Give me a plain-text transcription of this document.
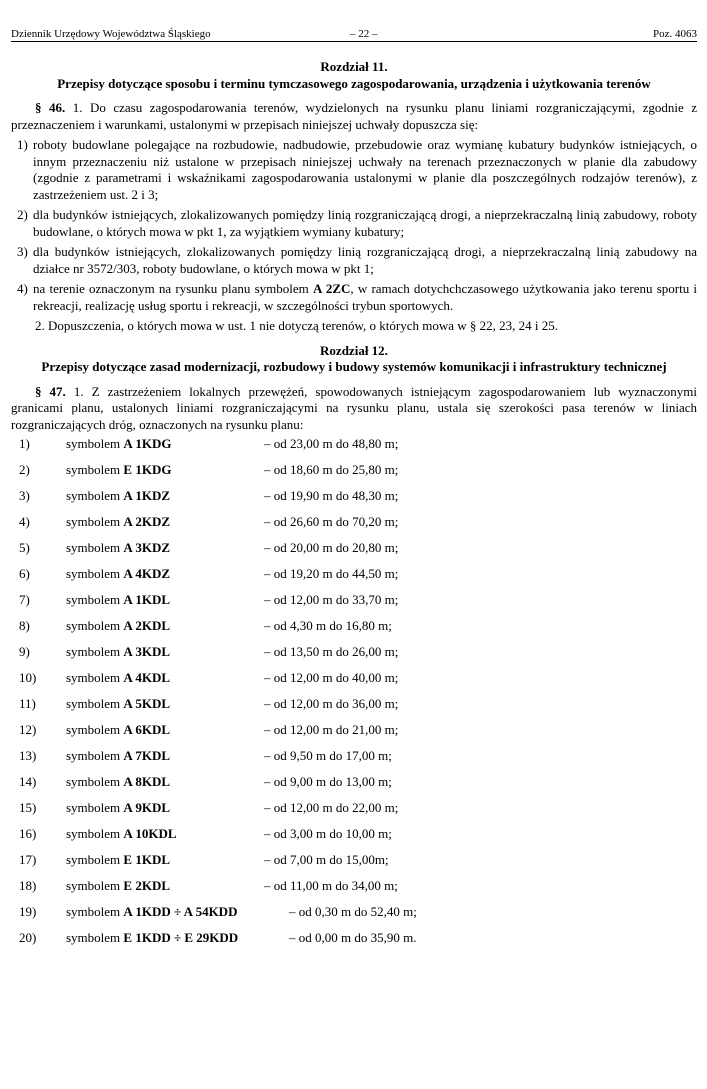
Dziennik Urzędowy Województwa Śląskiego	– 22 –	Poz. 4063

Rozdział 11.

Przepisy dotyczące sposobu i terminu tymczasowego zagospodarowania, urządzenia i użytkowania terenów

§ 46. 1. Do czasu zagospodarowania terenów, wydzielonych na rysunku planu liniami rozgraniczającymi, zgodnie z przeznaczeniem i warunkami, ustalonymi w przepisach niniejszej uchwały dopuszcza się:

1) roboty budowlane polegające na rozbudowie, nadbudowie, przebudowie oraz wymianę kubatury budynków istniejących, o innym przeznaczeniu niż ustalone w przepisach niniejszej uchwały na terenach przeznaczonych w planie dla zabudowy (zgodnie z parametrami i wskaźnikami zagospodarowania ustalonymi w planie dla poszczególnych rodzajów terenów), z zastrzeżeniem ust. 2 i 3;
2) dla budynków istniejących, zlokalizowanych pomiędzy linią rozgraniczającą drogi, a nieprzekraczalną linią zabudowy, roboty budowlane, o których mowa w pkt 1, za wyjątkiem wymiany kubatury;
3) dla budynków istniejących, zlokalizowanych pomiędzy linią rozgraniczającą drogi, a nieprzekraczalną linią zabudowy na działce nr 3572/303, roboty budowlane, o których mowa w pkt 1;
4) na terenie oznaczonym na rysunku planu symbolem A 2ZC, w ramach dotychchczasowego użytkowania jako terenu sportu i rekreacji, realizację usług sportu i rekreacji, w szczególności trybun sportowych.

2. Dopuszczenia, o których mowa w ust. 1 nie dotyczą terenów, o których mowa w § 22, 23, 24 i 25.

Rozdział 12.

Przepisy dotyczące zasad modernizacji, rozbudowy i budowy systemów komunikacji i infrastruktury technicznej

§ 47. 1. Z zastrzeżeniem lokalnych przewężeń, spowodowanych istniejącym zagospodarowaniem lub wyznaczonymi granicami planu, ustalonych liniami rozgraniczającymi na rysunku planu, ustala się szerokości pasa terenów w liniach rozgraniczających dróg, oznaczonych na rysunku planu:

1)	symbolem A 1KDG	– od 23,00 m do 48,80 m;
2)	symbolem E 1KDG	– od 18,60 m do 25,80 m;
3)	symbolem A 1KDZ	– od 19,90 m do 48,30 m;
4)	symbolem A 2KDZ	– od 26,60 m do 70,20 m;
5)	symbolem A 3KDZ	– od 20,00 m do 20,80 m;
6)	symbolem A 4KDZ	– od 19,20 m do 44,50 m;
7)	symbolem A 1KDL	– od 12,00 m do 33,70 m;
8)	symbolem A 2KDL	– od 4,30 m do 16,80 m;
9)	symbolem A 3KDL	– od 13,50 m do 26,00 m;
10) symbolem A 4KDL	– od 12,00 m do 40,00 m;
11) symbolem A 5KDL	– od 12,00 m do 36,00 m;
12) symbolem A 6KDL	– od 12,00 m do 21,00 m;
13) symbolem A 7KDL	– od 9,50 m do 17,00 m;
14) symbolem A 8KDL	– od 9,00 m do 13,00 m;
15) symbolem A 9KDL	– od 12,00 m do 22,00 m;
16) symbolem A 10KDL	– od 3,00 m do 10,00 m;
17) symbolem E 1KDL	– od 7,00 m do 15,00m;
18) symbolem E 2KDL	– od 11,00 m do 34,00 m;
19) symbolem A 1KDD ÷ A 54KDD	– od 0,30 m do 52,40 m;
20) symbolem E 1KDD ÷ E 29KDD	– od 0,00 m do 35,90 m.
